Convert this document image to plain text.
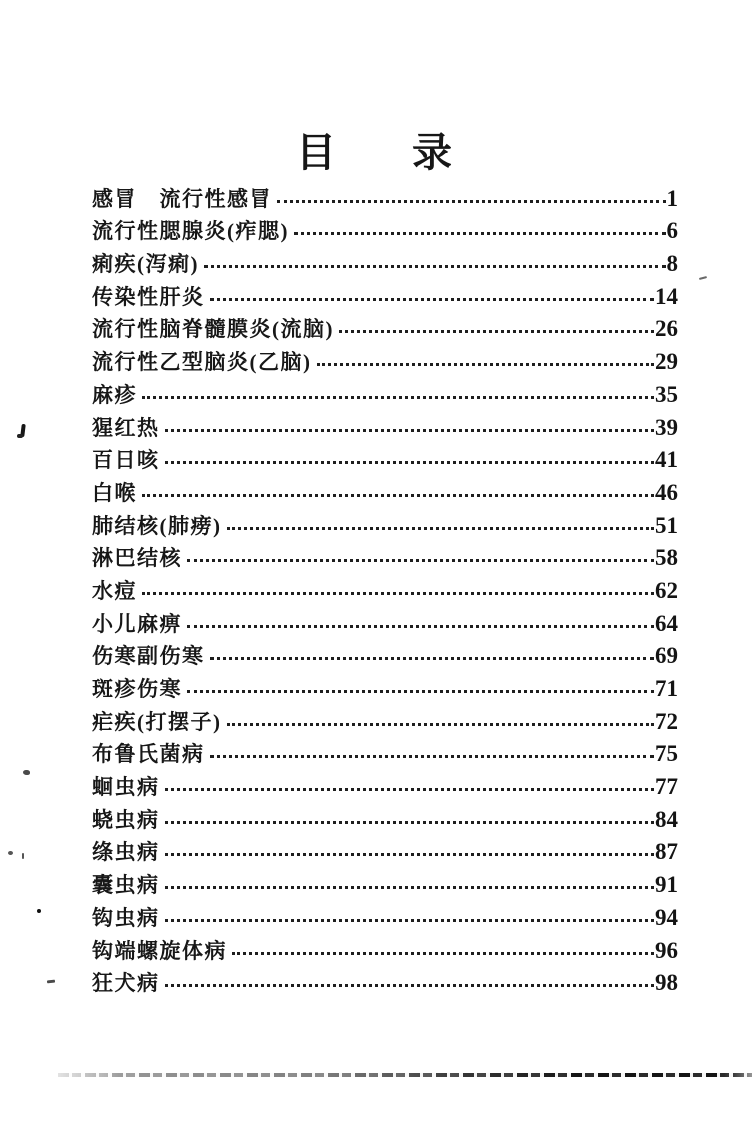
目 录
感冒　流行性感冒	1
流行性腮腺炎(痄腮)	6
痢疾(泻痢)	8
传染性肝炎	14
流行性脑脊髓膜炎(流脑)	26
流行性乙型脑炎(乙脑)	29
麻疹	35
猩红热	39
百日咳	41
白喉	46
肺结核(肺痨)	51
淋巴结核	58
水痘	62
小儿麻痹	64
伤寒副伤寒	69
斑疹伤寒	71
疟疾(打摆子)	72
布鲁氏菌病	75
蛔虫病	77
蛲虫病	84
绦虫病	87
囊虫病	91
钩虫病	94
钩端螺旋体病	96
狂犬病	98
